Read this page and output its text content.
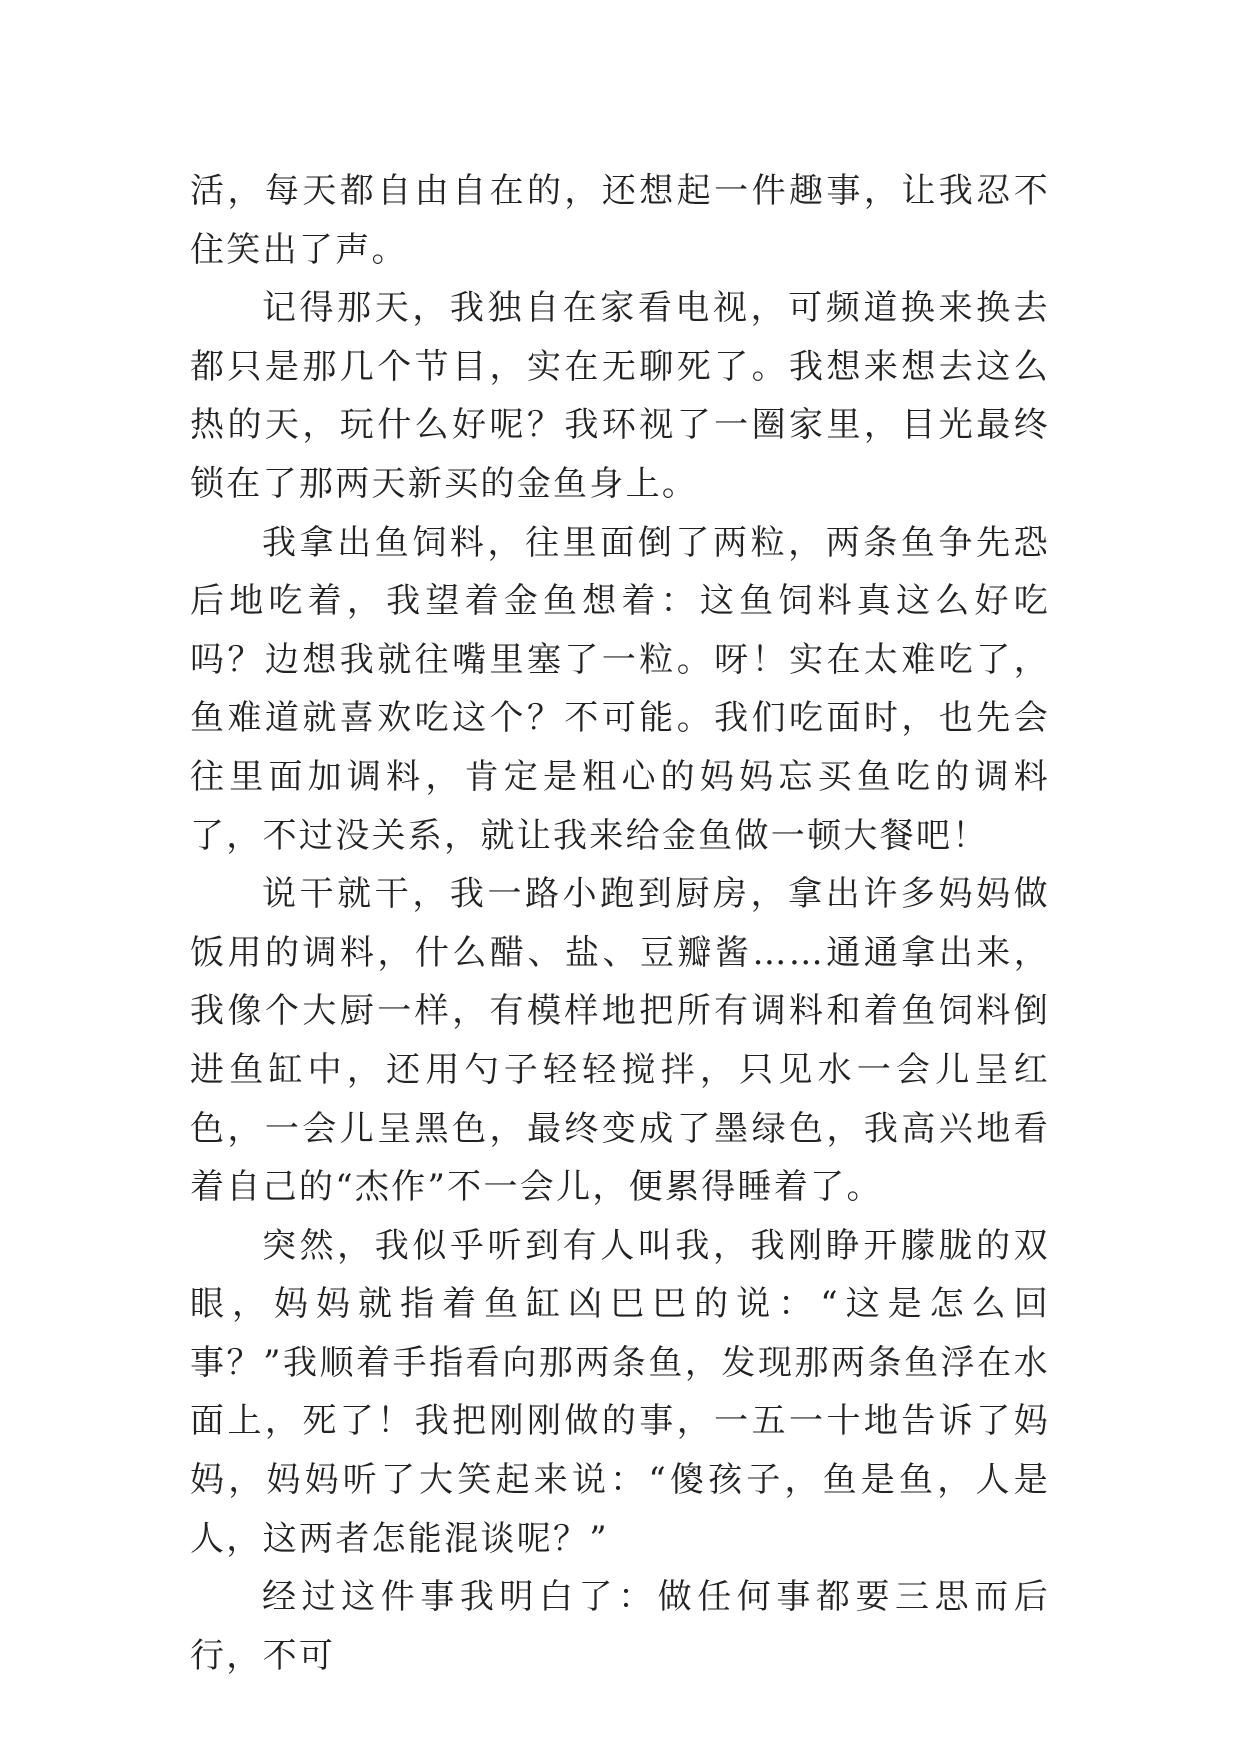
活，每天都自由自在的，还想起一件趣事，让我忍不住笑出了声。

记得那天，我独自在家看电视，可频道换来换去都只是那几个节目，实在无聊死了。我想来想去这么热的天，玩什么好呢？我环视了一圈家里，目光最终锁在了那两天新买的金鱼身上。

我拿出鱼饲料，往里面倒了两粒，两条鱼争先恐后地吃着，我望着金鱼想着：这鱼饲料真这么好吃吗？边想我就往嘴里塞了一粒。呀！实在太难吃了，鱼难道就喜欢吃这个？不可能。我们吃面时，也先会往里面加调料，肯定是粗心的妈妈忘买鱼吃的调料了，不过没关系，就让我来给金鱼做一顿大餐吧！

说干就干，我一路小跑到厨房，拿出许多妈妈做饭用的调料，什么醋、盐、豆瓣酱……通通拿出来，我像个大厨一样，有模样地把所有调料和着鱼饲料倒进鱼缸中，还用勺子轻轻搅拌，只见水一会儿呈红色，一会儿呈黑色，最终变成了墨绿色，我高兴地看着自己的“杰作”不一会儿，便累得睡着了。

突然，我似乎听到有人叫我，我刚睁开朦胧的双眼，妈妈就指着鱼缸凶巴巴的说：“这是怎么回事？”我顺着手指看向那两条鱼，发现那两条鱼浮在水面上，死了！我把刚刚做的事，一五一十地告诉了妈妈，妈妈听了大笑起来说：“傻孩子，鱼是鱼，人是人，这两者怎能混谈呢？”

经过这件事我明白了：做任何事都要三思而后行，不可
